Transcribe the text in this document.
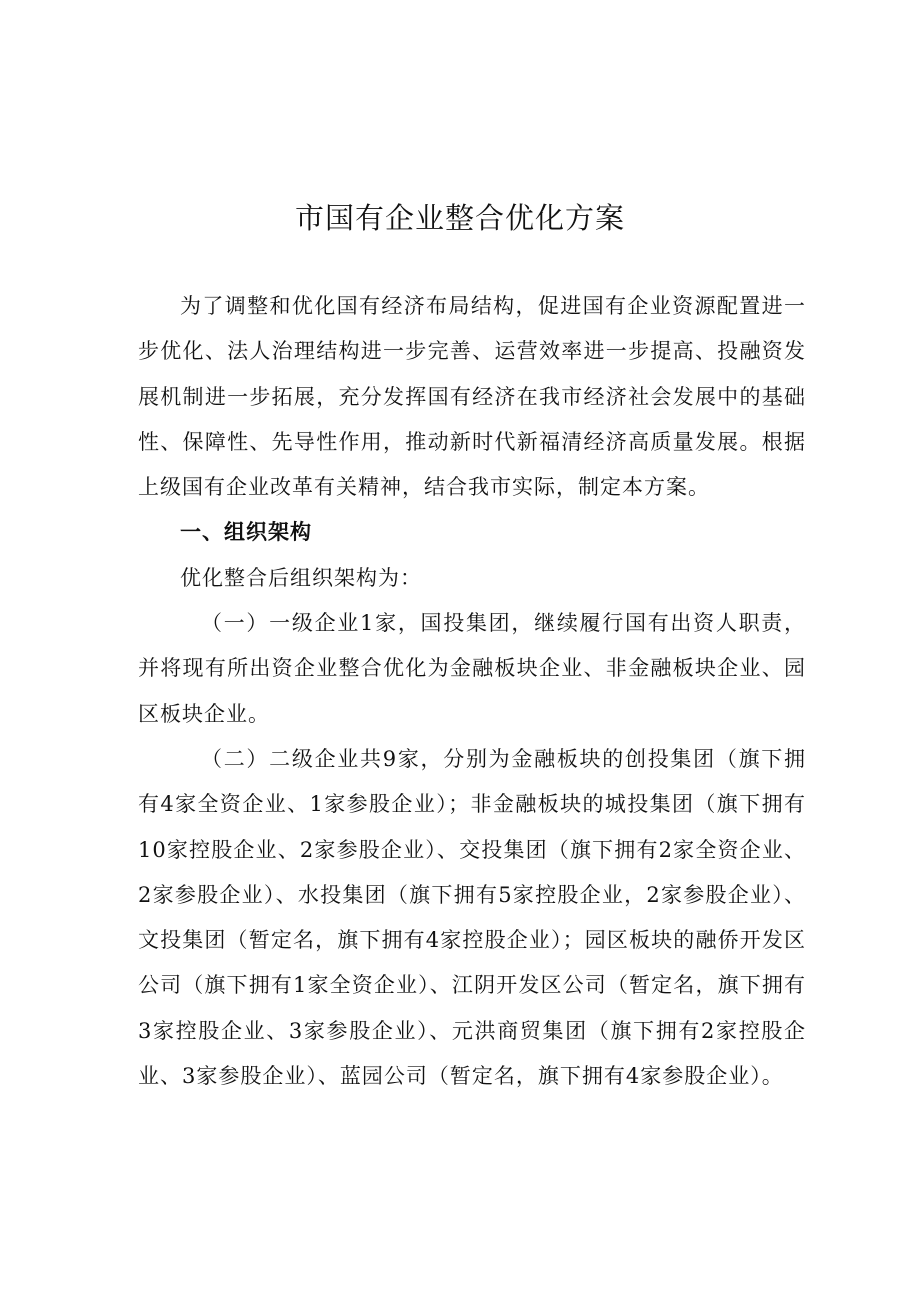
市国有企业整合优化方案

为了调整和优化国有经济布局结构，促进国有企业资源配置进一步优化、法人治理结构进一步完善、运营效率进一步提高、投融资发展机制进一步拓展，充分发挥国有经济在我市经济社会发展中的基础性、保障性、先导性作用，推动新时代新福清经济高质量发展。根据上级国有企业改革有关精神，结合我市实际，制定本方案。

一、组织架构

优化整合后组织架构为：

（一）一级企业1家，国投集团，继续履行国有出资人职责，并将现有所出资企业整合优化为金融板块企业、非金融板块企业、园区板块企业。

（二）二级企业共9家，分别为金融板块的创投集团（旗下拥有4家全资企业、1家参股企业）；非金融板块的城投集团（旗下拥有10家控股企业、2家参股企业）、交投集团（旗下拥有2家全资企业、2家参股企业）、水投集团（旗下拥有5家控股企业，2家参股企业）、文投集团（暂定名，旗下拥有4家控股企业）；园区板块的融侨开发区公司（旗下拥有1家全资企业）、江阴开发区公司（暂定名，旗下拥有3家控股企业、3家参股企业）、元洪商贸集团（旗下拥有2家控股企业、3家参股企业）、蓝园公司（暂定名，旗下拥有4家参股企业）。
